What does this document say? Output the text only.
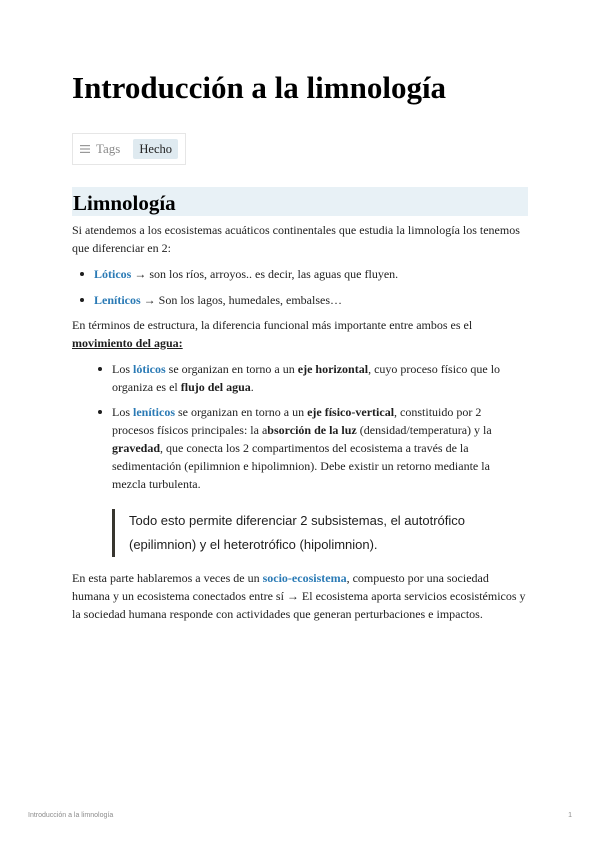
Introducción a la limnología
Tags	Hecho
Limnología
Si atendemos a los ecosistemas acuáticos continentales que estudia la limnología los tenemos que diferenciar en 2:
Lóticos → son los ríos, arroyos.. es decir, las aguas que fluyen.
Leníticos → Son los lagos, humedales, embalses…
En términos de estructura, la diferencia funcional más importante entre ambos es el movimiento del agua:
Los lóticos se organizan en torno a un eje horizontal, cuyo proceso físico que lo organiza es el flujo del agua.
Los leníticos se organizan en torno a un eje físico-vertical, constituido por 2 procesos físicos principales: la absorción de la luz (densidad/temperatura) y la gravedad, que conecta los 2 compartimentos del ecosistema a través de la sedimentación (epilimnion e hipolimnion). Debe existir un retorno mediante la mezcla turbulenta.
Todo esto permite diferenciar 2 subsistemas, el autotrófico (epilimnion) y el heterotrófico (hipolimnion).
En esta parte hablaremos a veces de un socio-ecosistema, compuesto por una sociedad humana y un ecosistema conectados entre sí → El ecosistema aporta servicios ecosistémicos y la sociedad humana responde con actividades que generan perturbaciones e impactos.
Introducción a la limnología	1
